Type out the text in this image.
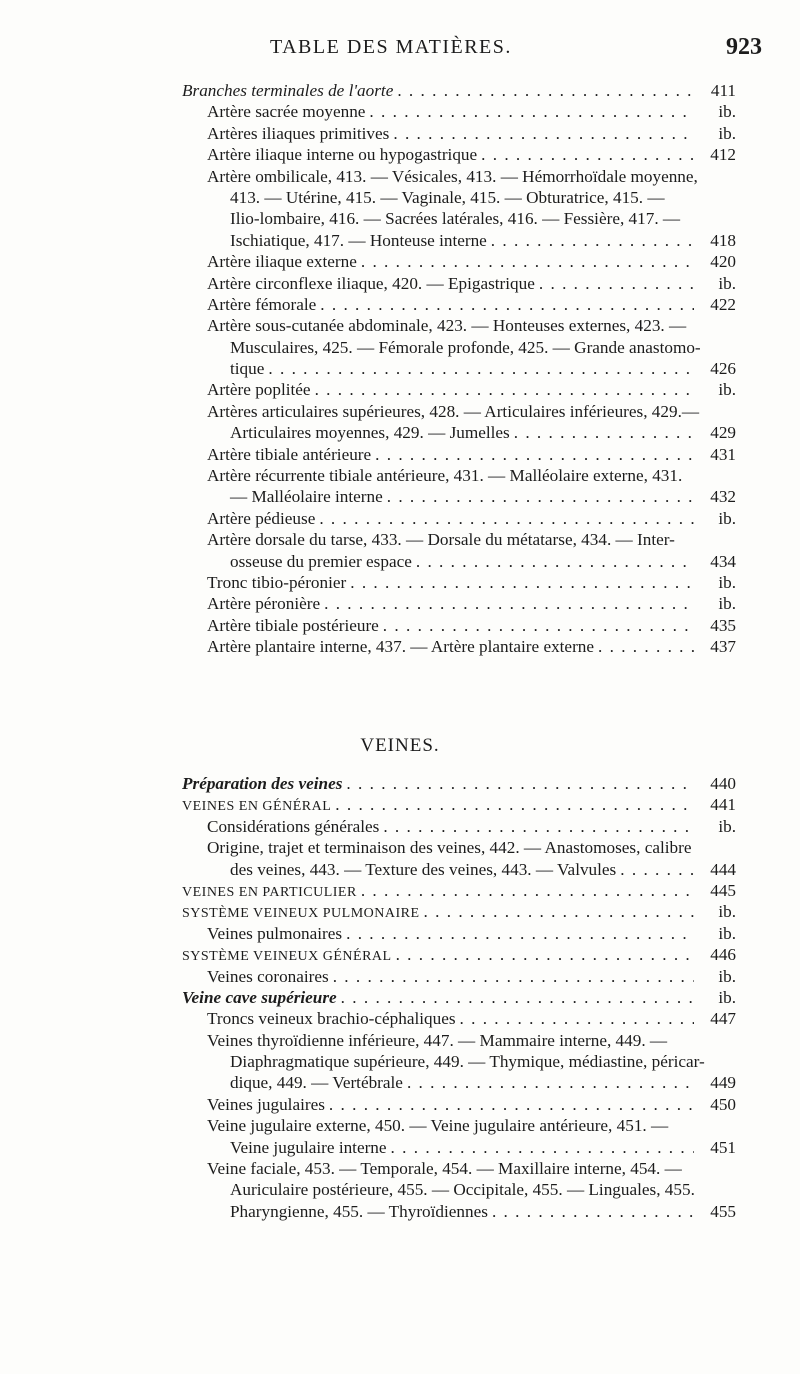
TABLE DES MATIÈRES.	923
Branches terminales de l'aorte . . .	411
Artère sacrée moyenne . . .	ib.
Artères iliaques primitives . . .	ib.
Artère iliaque interne ou hypogastrique . . .	412
Artère ombilicale, 413. — Vésicales, 413. — Hémorrhoïdale moyenne,
413. — Utérine, 415. — Vaginale, 415. — Obturatrice, 415. —
Ilio-lombaire, 416. — Sacrées latérales, 416. — Fessière, 417. —
Ischiatique, 417. — Honteuse interne . . .	418
Artère iliaque externe . . .	420
Artère circonflexe iliaque, 420. — Epigastrique . . .	ib.
Artère fémorale . . .	422
Artère sous-cutanée abdominale, 423. — Honteuses externes, 423. —
Musculaires, 425. — Fémorale profonde, 425. — Grande anastomo-
tique . . .	426
Artère poplitée . . .	ib.
Artères articulaires supérieures, 428. — Articulaires inférieures, 429.—
Articulaires moyennes, 429. — Jumelles . . .	429
Artère tibiale antérieure . . .	431
Artère récurrente tibiale antérieure, 431. — Malléolaire externe, 431.
— Malléolaire interne . . .	432
Artère pédieuse . . .	ib.
Artère dorsale du tarse, 433. — Dorsale du métatarse, 434. — Inter-
osseuse du premier espace . . .	434
Tronc tibio-péronier . . .	ib.
Artère péronière . . .	ib.
Artère tibiale postérieure . . .	435
Artère plantaire interne, 437. — Artère plantaire externe . . .	437
VEINES.
Préparation des veines . . .	440
VEINES EN GÉNÉRAL . . .	441
Considérations générales . . .	ib.
Origine, trajet et terminaison des veines, 442. — Anastomoses, calibre
des veines, 443. — Texture des veines, 443. — Valvules . . .	444
VEINES EN PARTICULIER . . .	445
SYSTÈME VEINEUX PULMONAIRE . . .	ib.
Veines pulmonaires . . .	ib.
SYSTÈME VEINEUX GÉNÉRAL . . .	446
Veines coronaires . . .	ib.
Veine cave supérieure . . .	ib.
Troncs veineux brachio-céphaliques . . .	447
Veines thyroïdienne inférieure, 447. — Mammaire interne, 449. —
Diaphragmatique supérieure, 449. — Thymique, médiastine, péricar-
dique, 449. — Vertébrale . . .	449
Veines jugulaires . . .	450
Veine jugulaire externe, 450. — Veine jugulaire antérieure, 451. —
Veine jugulaire interne . . .	451
Veine faciale, 453. — Temporale, 454. — Maxillaire interne, 454. —
Auriculaire postérieure, 455. — Occipitale, 455. — Linguales, 455.
Pharyngienne, 455. — Thyroïdiennes . . .	455
